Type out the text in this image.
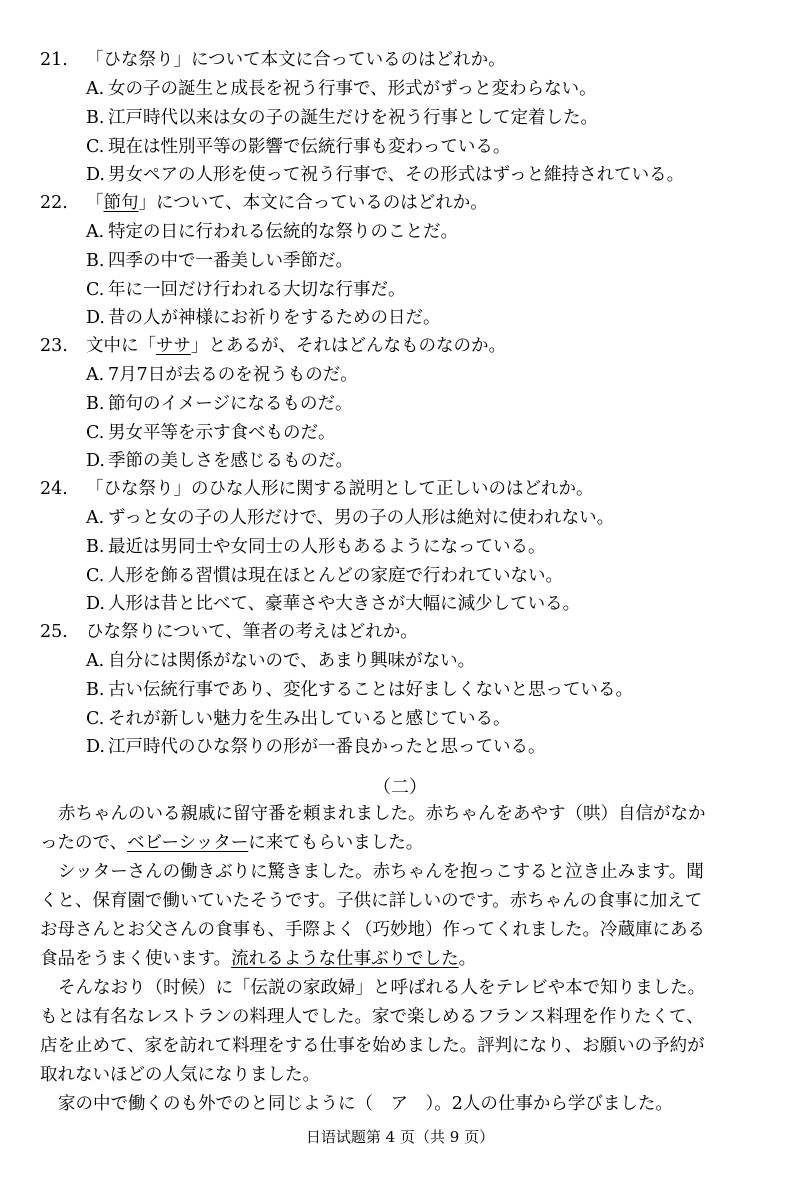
21. 「ひな祭り」について本文に合っているのはどれか。
A. 女の子の誕生と成長を祝う行事で、形式がずっと変わらない。
B. 江戸時代以来は女の子の誕生だけを祝う行事として定着した。
C. 現在は性別平等の影響で伝統行事も変わっている。
D. 男女ペアの人形を使って祝う行事で、その形式はずっと維持されている。
22. 「節句」について、本文に合っているのはどれか。
A. 特定の日に行われる伝統的な祭りのことだ。
B. 四季の中で一番美しい季節だ。
C. 年に一回だけ行われる大切な行事だ。
D. 昔の人が神様にお祈りをするための日だ。
23. 文中に「ササ」とあるが、それはどんなものなのか。
A. 7月7日が去るのを祝うものだ。
B. 節句のイメージになるものだ。
C. 男女平等を示す食べものだ。
D. 季節の美しさを感じるものだ。
24. 「ひな祭り」のひな人形に関する説明として正しいのはどれか。
A. ずっと女の子の人形だけで、男の子の人形は絶対に使われない。
B. 最近は男同士や女同士の人形もあるようになっている。
C. 人形を飾る習慣は現在ほとんどの家庭で行われていない。
D. 人形は昔と比べて、豪華さや大きさが大幅に減少している。
25. ひな祭りについて、筆者の考えはどれか。
A. 自分には関係がないので、あまり興味がない。
B. 古い伝統行事であり、変化することは好ましくないと思っている。
C. それが新しい魅力を生み出していると感じている。
D. 江戸時代のひな祭りの形が一番良かったと思っている。
（二）
赤ちゃんのいる親戚に留守番を頼まれました。赤ちゃんをあやす（哄）自信がなか
ったので、ベビーシッターに来てもらいました。
シッターさんの働きぶりに驚きました。赤ちゃんを抱っこすると泣き止みます。聞
くと、保育園で働いていたそうです。子供に詳しいのです。赤ちゃんの食事に加えて
お母さんとお父さんの食事も、手際よく（巧妙地）作ってくれました。冷蔵庫にある
食品をうまく使います。流れるような仕事ぶりでした。
そんなおり（时候）に「伝説の家政婦」と呼ばれる人をテレビや本で知りました。
もとは有名なレストランの料理人でした。家で楽しめるフランス料理を作りたくて、
店を止めて、家を訪れて料理をする仕事を始めました。評判になり、お願いの予約が
取れないほどの人気になりました。
家の中で働くのも外でのと同じように（　ア　）。2人の仕事から学びました。
日语试题第 4 页（共 9 页）
